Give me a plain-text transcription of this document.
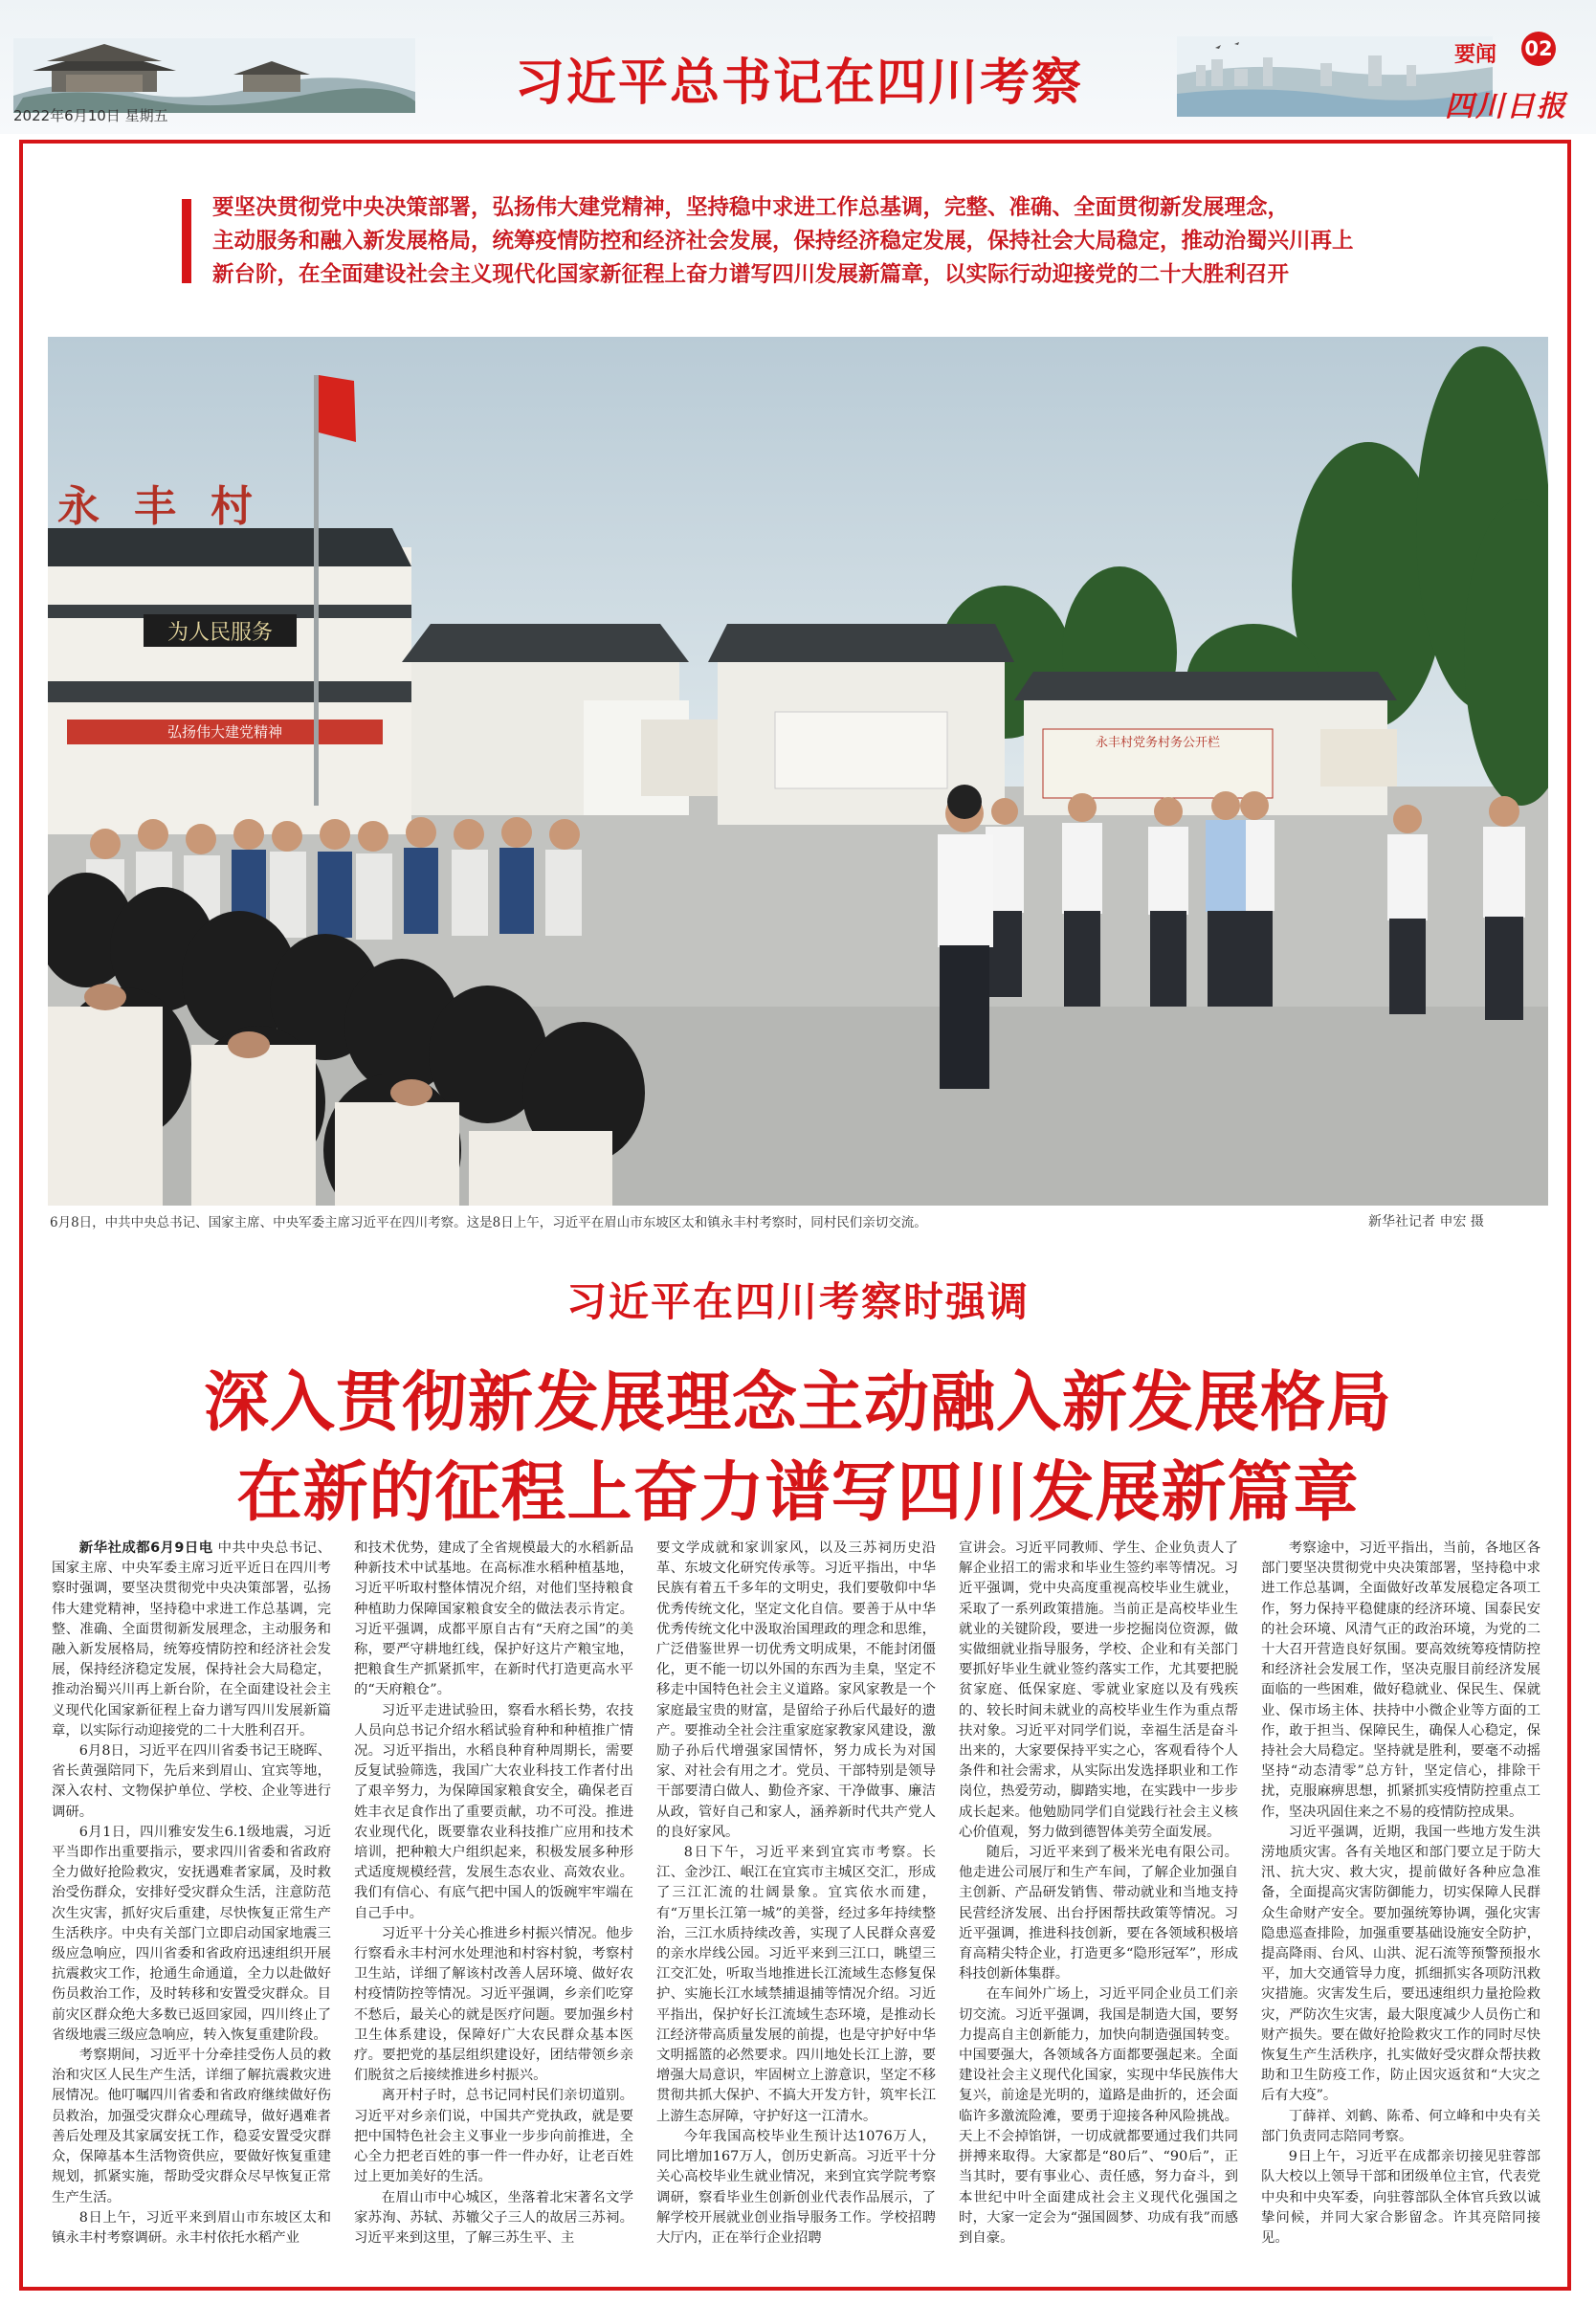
2022年6月10日 星期五
习近平总书记在四川考察	要闻 02
四川日报

要坚决贯彻党中央决策部署，弘扬伟大建党精神，坚持稳中求进工作总基调，完整、准确、全面贯彻新发展理念，

主动服务和融入新发展格局，统筹疫情防控和经济社会发展，保持经济稳定发展，保持社会大局稳定，推动治蜀兴川再上

新台阶，在全面建设社会主义现代化国家新征程上奋力谱写四川发展新篇章，以实际行动迎接党的二十大胜利召开

为人民服务
弘扬伟大建党精神
永丰村
永丰村党务村务公开栏
6月8日，中共中央总书记、国家主席、中央军委主席习近平在四川考察。这是8日上午，习近平在眉山市东坡区太和镇永丰村考察时，同村民们亲切交流。	新华社记者 申宏 摄
习近平在四川考察时强调
深入贯彻新发展理念主动融入新发展格局
在新的征程上奋力谱写四川发展新篇章

新华社成都6月9日电 中共中央总书记、国家主席、中央军委主席习近平近日在四川考察时强调，要坚决贯彻党中央决策部署，弘扬伟大建党精神，坚持稳中求进工作总基调，完整、准确、全面贯彻新发展理念，主动服务和融入新发展格局，统筹疫情防控和经济社会发展，保持经济稳定发展，保持社会大局稳定，推动治蜀兴川再上新台阶，在全面建设社会主义现代化国家新征程上奋力谱写四川发展新篇章，以实际行动迎接党的二十大胜利召开。

6月8日，习近平在四川省委书记王晓晖、省长黄强陪同下，先后来到眉山、宜宾等地，深入农村、文物保护单位、学校、企业等进行调研。

6月1日，四川雅安发生6.1级地震，习近平当即作出重要指示，要求四川省委和省政府全力做好抢险救灾，安抚遇难者家属，及时救治受伤群众，安排好受灾群众生活，注意防范次生灾害，抓好灾后重建，尽快恢复正常生产生活秩序。中央有关部门立即启动国家地震三级应急响应，四川省委和省政府迅速组织开展抗震救灾工作，抢通生命通道，全力以赴做好伤员救治工作，及时转移和安置受灾群众。目前灾区群众绝大多数已返回家园，四川终止了省级地震三级应急响应，转入恢复重建阶段。

考察期间，习近平十分牵挂受伤人员的救治和灾区人民生产生活，详细了解抗震救灾进展情况。他叮嘱四川省委和省政府继续做好伤员救治，加强受灾群众心理疏导，做好遇难者善后处理及其家属安抚工作，稳妥安置受灾群众，保障基本生活物资供应，要做好恢复重建规划，抓紧实施，帮助受灾群众尽早恢复正常生产生活。

8日上午，习近平来到眉山市东坡区太和镇永丰村考察调研。永丰村依托水稻产业

和技术优势，建成了全省规模最大的水稻新品种新技术中试基地。在高标准水稻种植基地，习近平听取村整体情况介绍，对他们坚持粮食种植助力保障国家粮食安全的做法表示肯定。习近平强调，成都平原自古有“天府之国”的美称，要严守耕地红线，保护好这片产粮宝地，把粮食生产抓紧抓牢，在新时代打造更高水平的“天府粮仓”。

习近平走进试验田，察看水稻长势，农技人员向总书记介绍水稻试验育种和种植推广情况。习近平指出，水稻良种育种周期长，需要反复试验筛选，我国广大农业科技工作者付出了艰辛努力，为保障国家粮食安全，确保老百姓丰衣足食作出了重要贡献，功不可没。推进农业现代化，既要靠农业科技推广应用和技术培训，把种粮大户组织起来，积极发展多种形式适度规模经营，发展生态农业、高效农业。我们有信心、有底气把中国人的饭碗牢牢端在自己手中。

习近平十分关心推进乡村振兴情况。他步行察看永丰村河水处理池和村容村貌，考察村卫生站，详细了解该村改善人居环境、做好农村疫情防控等情况。习近平强调，乡亲们吃穿不愁后，最关心的就是医疗问题。要加强乡村卫生体系建设，保障好广大农民群众基本医疗。要把党的基层组织建设好，团结带领乡亲们脱贫之后接续推进乡村振兴。

离开村子时，总书记同村民们亲切道别。习近平对乡亲们说，中国共产党执政，就是要把中国特色社会主义事业一步步向前推进，全心全力把老百姓的事一件一件办好，让老百姓过上更加美好的生活。

在眉山市中心城区，坐落着北宋著名文学家苏洵、苏轼、苏辙父子三人的故居三苏祠。习近平来到这里，了解三苏生平、主

要文学成就和家训家风，以及三苏祠历史沿革、东坡文化研究传承等。习近平指出，中华民族有着五千多年的文明史，我们要敬仰中华优秀传统文化，坚定文化自信。要善于从中华优秀传统文化中汲取治国理政的理念和思维，广泛借鉴世界一切优秀文明成果，不能封闭僵化，更不能一切以外国的东西为圭臬，坚定不移走中国特色社会主义道路。家风家教是一个家庭最宝贵的财富，是留给子孙后代最好的遗产。要推动全社会注重家庭家教家风建设，激励子孙后代增强家国情怀，努力成长为对国家、对社会有用之才。党员、干部特别是领导干部要清白做人、勤俭齐家、干净做事、廉洁从政，管好自己和家人，涵养新时代共产党人的良好家风。

8日下午，习近平来到宜宾市考察。长江、金沙江、岷江在宜宾市主城区交汇，形成了三江汇流的壮阔景象。宜宾依水而建，有“万里长江第一城”的美誉，经过多年持续整治，三江水质持续改善，实现了人民群众喜爱的亲水岸线公园。习近平来到三江口，眺望三江交汇处，听取当地推进长江流域生态修复保护、实施长江水域禁捕退捕等情况介绍。习近平指出，保护好长江流域生态环境，是推动长江经济带高质量发展的前提，也是守护好中华文明摇篮的必然要求。四川地处长江上游，要增强大局意识，牢固树立上游意识，坚定不移贯彻共抓大保护、不搞大开发方针，筑牢长江上游生态屏障，守护好这一江清水。

今年我国高校毕业生预计达1076万人，同比增加167万人，创历史新高。习近平十分关心高校毕业生就业情况，来到宜宾学院考察调研，察看毕业生创新创业代表作品展示，了解学校开展就业创业指导服务工作。学校招聘大厅内，正在举行企业招聘

宣讲会。习近平同教师、学生、企业负责人了解企业招工的需求和毕业生签约率等情况。习近平强调，党中央高度重视高校毕业生就业，采取了一系列政策措施。当前正是高校毕业生就业的关键阶段，要进一步挖掘岗位资源，做实做细就业指导服务，学校、企业和有关部门要抓好毕业生就业签约落实工作，尤其要把脱贫家庭、低保家庭、零就业家庭以及有残疾的、较长时间未就业的高校毕业生作为重点帮扶对象。习近平对同学们说，幸福生活是奋斗出来的，大家要保持平实之心，客观看待个人条件和社会需求，从实际出发选择职业和工作岗位，热爱劳动，脚踏实地，在实践中一步步成长起来。他勉励同学们自觉践行社会主义核心价值观，努力做到德智体美劳全面发展。

随后，习近平来到了极米光电有限公司。他走进公司展厅和生产车间，了解企业加强自主创新、产品研发销售、带动就业和当地支持民营经济发展、出台抒困帮扶政策等情况。习近平强调，推进科技创新，要在各领域积极培育高精尖特企业，打造更多“隐形冠军”，形成科技创新体集群。

在车间外广场上，习近平同企业员工们亲切交流。习近平强调，我国是制造大国，要努力提高自主创新能力，加快向制造强国转变。中国要强大，各领域各方面都要强起来。全面建设社会主义现代化国家，实现中华民族伟大复兴，前途是光明的，道路是曲折的，还会面临许多激流险滩，要勇于迎接各种风险挑战。天上不会掉馅饼，一切成就都要通过我们共同拼搏来取得。大家都是“80后”、“90后”，正当其时，要有事业心、责任感，努力奋斗，到本世纪中叶全面建成社会主义现代化强国之时，大家一定会为“强国圆梦、功成有我”而感到自豪。

考察途中，习近平指出，当前，各地区各部门要坚决贯彻党中央决策部署，坚持稳中求进工作总基调，全面做好改革发展稳定各项工作，努力保持平稳健康的经济环境、国泰民安的社会环境、风清气正的政治环境，为党的二十大召开营造良好氛围。要高效统筹疫情防控和经济社会发展工作，坚决克服目前经济发展面临的一些困难，做好稳就业、保民生、保就业、保市场主体、扶持中小微企业等方面的工作，敢于担当、保障民生，确保人心稳定，保持社会大局稳定。坚持就是胜利，要毫不动摇坚持“动态清零”总方针，坚定信心，排除干扰，克服麻痹思想，抓紧抓实疫情防控重点工作，坚决巩固住来之不易的疫情防控成果。

习近平强调，近期，我国一些地方发生洪涝地质灾害。各有关地区和部门要立足于防大汛、抗大灾、救大灾，提前做好各种应急准备，全面提高灾害防御能力，切实保障人民群众生命财产安全。要加强统筹协调，强化灾害隐患巡查排险，加强重要基础设施安全防护，提高降雨、台风、山洪、泥石流等预警预报水平，加大交通管导力度，抓细抓实各项防汛救灾措施。灾害发生后，要迅速组织力量抢险救灾，严防次生灾害，最大限度减少人员伤亡和财产损失。要在做好抢险救灾工作的同时尽快恢复生产生活秩序，扎实做好受灾群众帮扶救助和卫生防疫工作，防止因灾返贫和“大灾之后有大疫”。

丁薛祥、刘鹤、陈希、何立峰和中央有关部门负责同志陪同考察。

9日上午，习近平在成都亲切接见驻蓉部队大校以上领导干部和团级单位主官，代表党中央和中央军委，向驻蓉部队全体官兵致以诚挚问候，并同大家合影留念。许其亮陪同接见。
